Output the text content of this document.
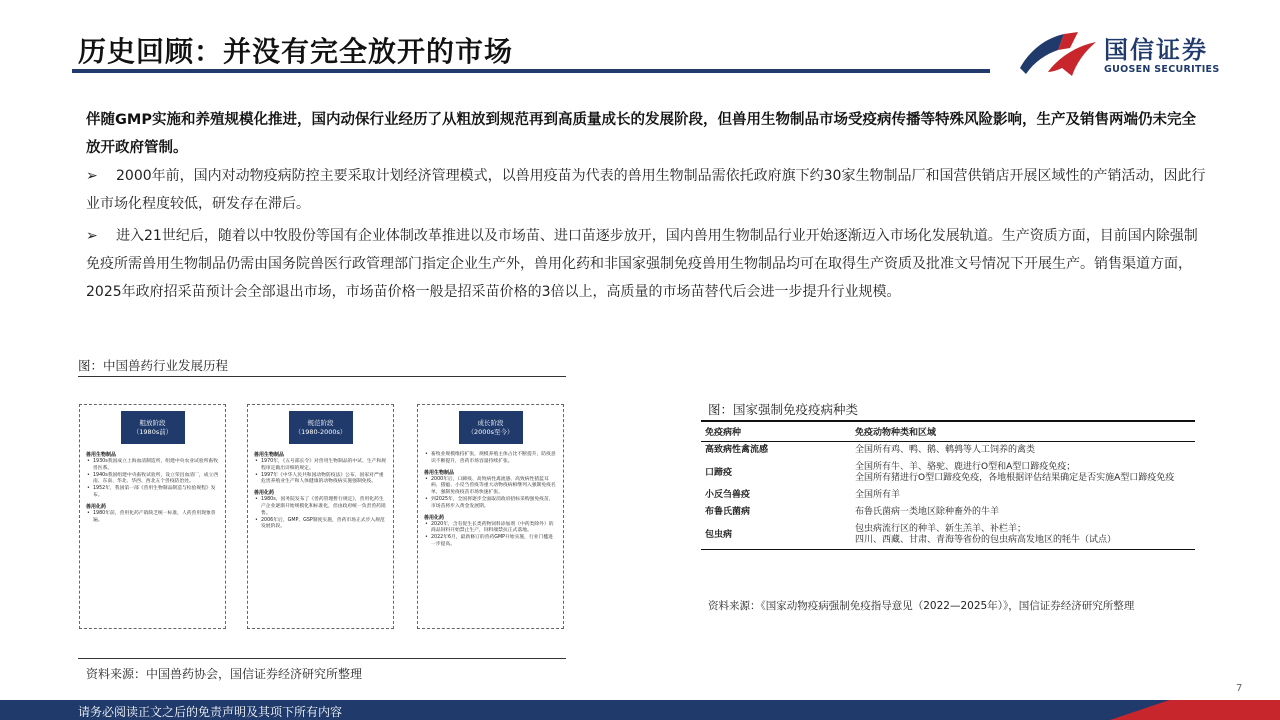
历史回顾：并没有完全放开的市场	国信证券
GUOSEN SECURITIES
伴随GMP实施和养殖规模化推进，国内动保行业经历了从粗放到规范再到高质量成长的发展阶段，但兽用生物制品市场受疫病传播等特殊风险影响，生产及销售两端仍未完全放开政府管制。
➢ 2000年前，国内对动物疫病防控主要采取计划经济管理模式，以兽用疫苗为代表的兽用生物制品需依托政府旗下约30家生物制品厂和国营供销店开展区域性的产销活动，因此行业市场化程度较低，研发存在滞后。
➢ 进入21世纪后，随着以中牧股份等国有企业体制改革推进以及市场苗、进口苗逐步放开，国内兽用生物制品行业开始逐渐迈入市场化发展轨道。生产资质方面，目前国内除强制免疫所需兽用生物制品仍需由国务院兽医行政管理部门指定企业生产外，兽用化药和非国家强制免疫兽用生物制品均可在取得生产资质及批准文号情况下开展生产。销售渠道方面，2025年政府招采苗预计会全部退出市场，市场苗价格一般是招采苗价格的3倍以上，高质量的市场苗替代后会进一步提升行业规模。
图：中国兽药行业发展历程
粗放阶段
（1980s前）
兽用生物制品
• 1930s我国成立上海血清制造所，组建中央农业试验所畜牧兽医系。
• 1940s我国组建中央畜牧试验所，设立荣昌血清厂，成立西南、东南、华北、华西、西北五个兽疫防治处。
• 1952年，我国第一部《兽用生物制品制造与检验规程》发布。
兽用化药
• 1980年前，兽用化药产销缺乏统一标准，人药兽用现象普遍。
规范阶段
（1980-2000s）
兽用生物制品
• 1970年，《五号部长令》对兽用生物制品的中试、生产和规程审定做出详细的规定。
• 1997年《中华人民共和国动物防疫法》公布，国家对严重危害养殖业生产和人体健康的动物疫病实施强制免疫。
兽用化药
• 1980s，国务院发布了《兽药管理暂行规定》，兽用化药生产企业逐渐开始规模化和标准化，但由政府统一负责兽药销售。
• 2006年后，GMP、GSP制度实施，兽药市场正式步入规范发展阶段。
成长阶段
（2000s至今）
• 畜牧业规模维持扩张，规模养殖主体占比不断提升，防疫意识不断提升，兽药市场容量持续扩张。
兽用生物制品
• 2000年后，口蹄疫、高致病性禽流感、高致病性猪蓝耳病、猪瘟、小反刍兽疫等重大动物疫病相继列入强制免疫名单，强制免疫疫苗市场快速扩张。
• 到2025年，全国将逐步全面取消政府招标采购强免疫苗，市场苗将步入黄金发展期。
兽用化药
• 2020年，含有促生长类药物饲料添加剂（中药类除外）的商品饲料开始禁止生产，饲料端禁抗正式落地。
• 2022年6月，最新修订的兽药GMP开始实施，行业门槛进一步提高。
资料来源：中国兽药协会，国信证券经济研究所整理
图：国家强制免疫疫病种类
免疫病种	免疫动物种类和区域
高致病性禽流感	全国所有鸡、鸭、鹅、鹌鹑等人工饲养的禽类
口蹄疫	全国所有牛、羊、骆驼、鹿进行O型和A型口蹄疫免疫；
全国所有猪进行O型口蹄疫免疫，各地根据评估结果确定是否实施A型口蹄疫免疫
小反刍兽疫	全国所有羊
布鲁氏菌病	布鲁氏菌病一类地区除种畜外的牛羊
包虫病	包虫病流行区的种羊、新生羔羊、补栏羊；
四川、西藏、甘肃、青海等省份的包虫病高发地区的牦牛（试点）
资料来源：《国家动物疫病强制免疫指导意见（2022—2025年）》，国信证券经济研究所整理
7
请务必阅读正文之后的免责声明及其项下所有内容
